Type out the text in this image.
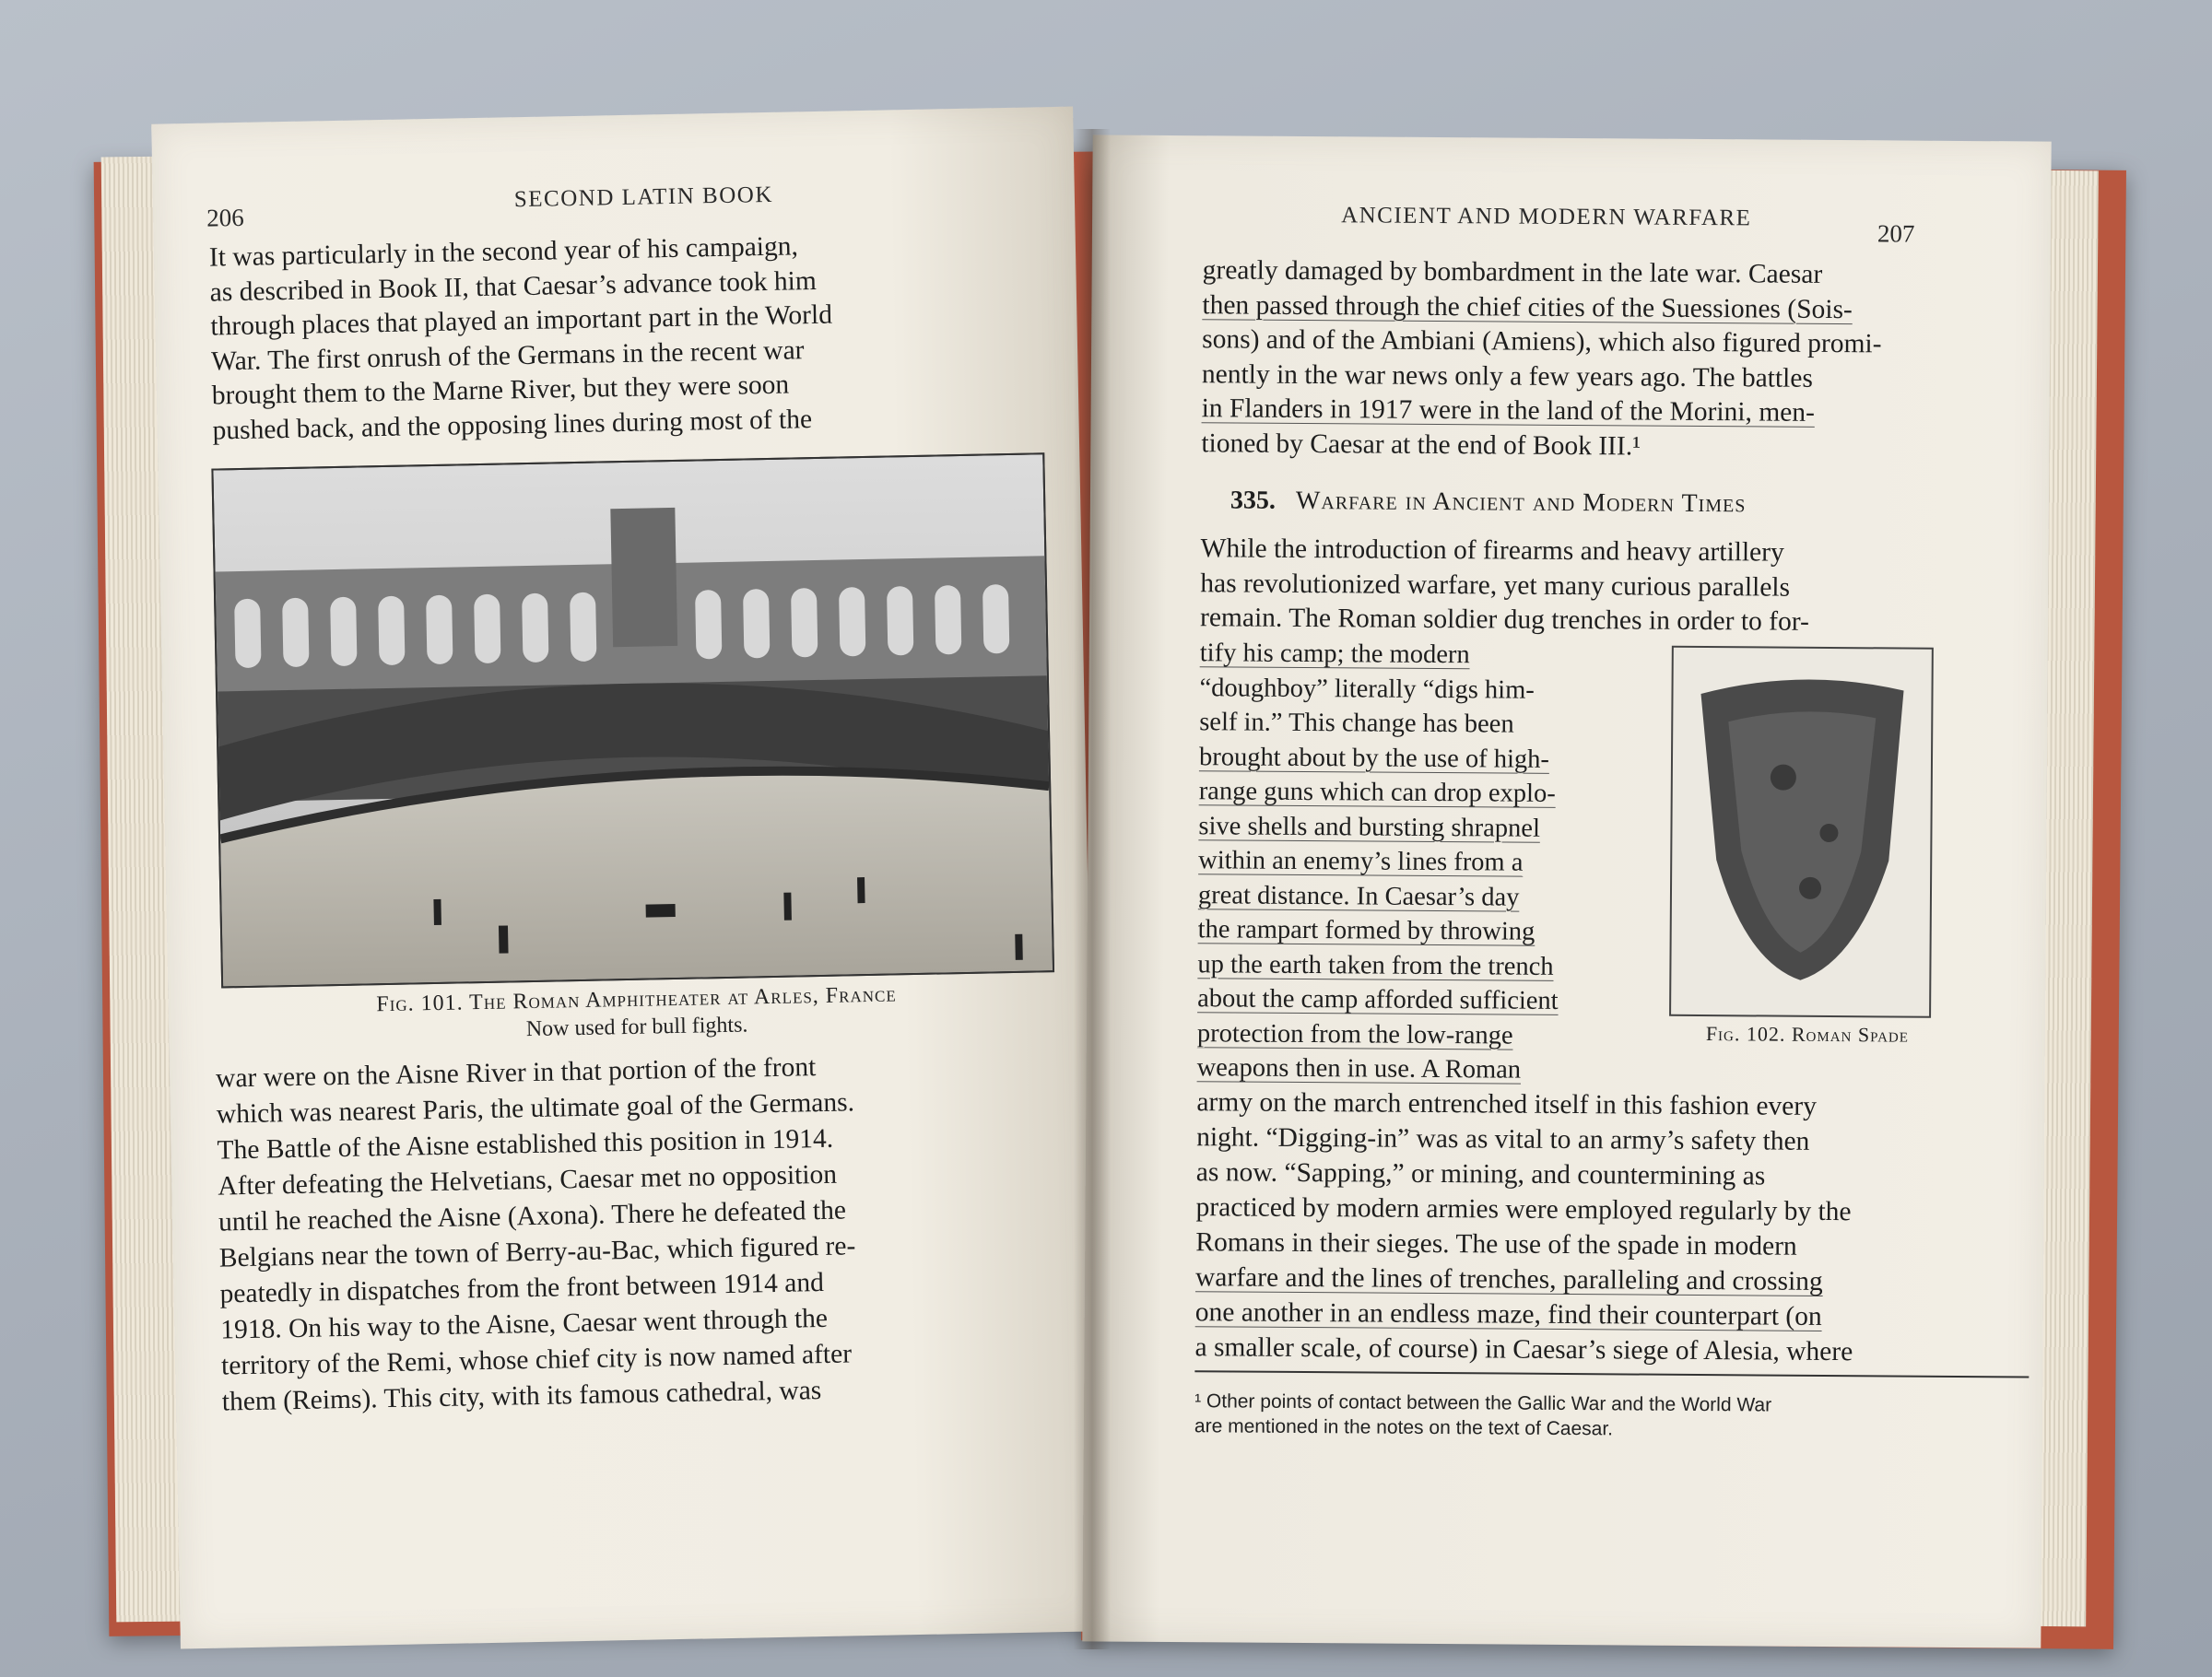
206
SECOND LATIN BOOK

It was particularly in the second year of his campaign,

as described in Book II, that Caesar’s advance took him

through places that played an important part in the World

War. The first onrush of the Germans in the recent war

brought them to the Marne River, but they were soon

pushed back, and the opposing lines during most of the

Fig. 101. The Roman Amphitheater at Arles, France
Now used for bull fights.

war were on the Aisne River in that portion of the front

which was nearest Paris, the ultimate goal of the Germans.

The Battle of the Aisne established this position in 1914.

After defeating the Helvetians, Caesar met no opposition

until he reached the Aisne (Axona). There he defeated the

Belgians near the town of Berry-au-Bac, which figured re-

peatedly in dispatches from the front between 1914 and

1918. On his way to the Aisne, Caesar went through the

territory of the Remi, whose chief city is now named after

them (Reims). This city, with its famous cathedral, was

ANCIENT AND MODERN WARFARE
207

greatly damaged by bombardment in the late war. Caesar

then passed through the chief cities of the Suessiones (Sois-

sons) and of the Ambiani (Amiens), which also figured promi-

nently in the war news only a few years ago. The battles

in Flanders in 1917 were in the land of the Morini, men-

tioned by Caesar at the end of Book III.¹

335. Warfare in Ancient and Modern Times

While the introduction of firearms and heavy artillery

has revolutionized warfare, yet many curious parallels

remain. The Roman soldier dug trenches in order to for-

tify his camp; the modern

“doughboy” literally “digs him-

self in.” This change has been

brought about by the use of high-

range guns which can drop explo-

sive shells and bursting shrapnel

within an enemy’s lines from a

great distance. In Caesar’s day

the rampart formed by throwing

up the earth taken from the trench

about the camp afforded sufficient

protection from the low-range

weapons then in use. A Roman

Fig. 102. Roman Spade

army on the march entrenched itself in this fashion every

night. “Digging-in” was as vital to an army’s safety then

as now. “Sapping,” or mining, and countermining as

practiced by modern armies were employed regularly by the

Romans in their sieges. The use of the spade in modern

warfare and the lines of trenches, paralleling and crossing

one another in an endless maze, find their counterpart (on

a smaller scale, of course) in Caesar’s siege of Alesia, where

¹ Other points of contact between the Gallic War and the World War
are mentioned in the notes on the text of Caesar.
